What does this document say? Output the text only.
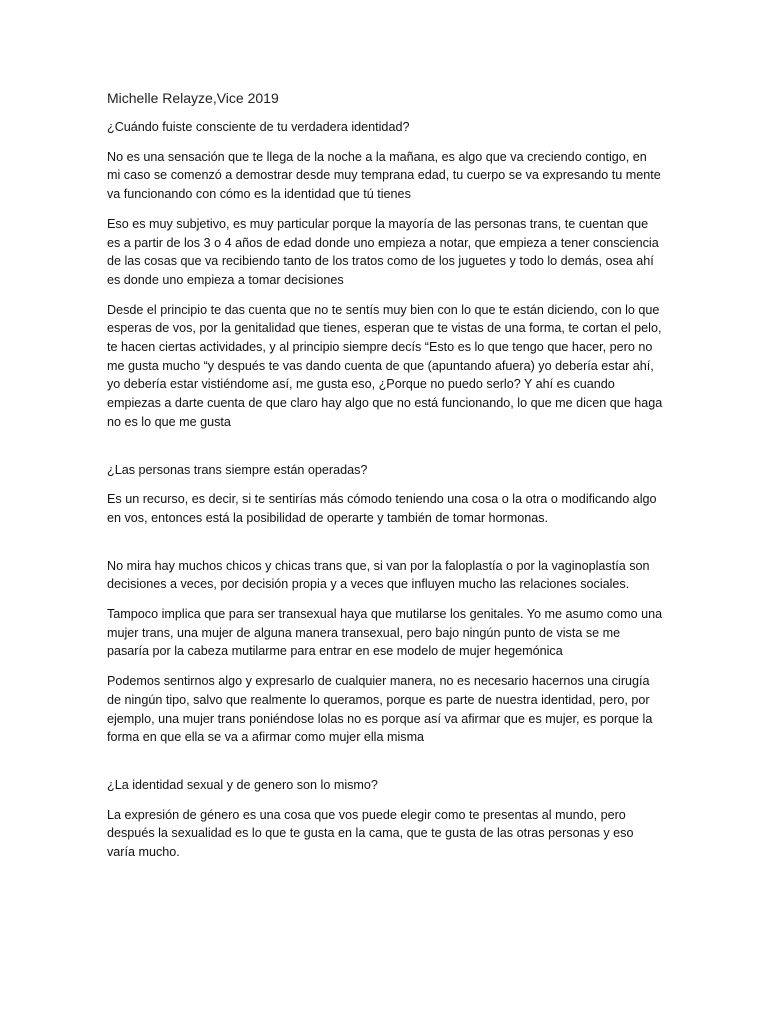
Michelle Relayze,Vice 2019

¿Cuándo fuiste consciente de tu verdadera identidad?

No es una sensación que te llega de la noche a la mañana, es algo que va creciendo contigo, en mi caso se comenzó a demostrar desde muy temprana edad, tu cuerpo se va expresando tu mente va funcionando con cómo es la identidad que tú tienes

Eso es muy subjetivo, es muy particular porque la mayoría de las personas trans, te cuentan que es a partir de los 3 o 4 años de edad donde uno empieza a notar, que empieza a tener consciencia de las cosas que va recibiendo tanto de los tratos como de los juguetes y todo lo demás, osea ahí es donde uno empieza a tomar decisiones

Desde el principio te das cuenta que no te sentís muy bien con lo que te están diciendo, con lo que esperas de vos, por la genitalidad que tienes, esperan que te vistas de una forma, te cortan el pelo, te hacen ciertas actividades, y al principio siempre decís “Esto es lo que tengo que hacer, pero no me gusta mucho “y después te vas dando cuenta de que (apuntando afuera) yo debería estar ahí, yo debería estar vistiéndome así, me gusta eso, ¿Porque no puedo serlo? Y ahí es cuando empiezas a darte cuenta de que claro hay algo que no está funcionando, lo que me dicen que haga no es lo que me gusta

¿Las personas trans siempre están operadas?

Es un recurso, es decir, si te sentirías más cómodo teniendo una cosa o la otra o modificando algo en vos, entonces está la posibilidad de operarte y también de tomar hormonas.

No mira hay muchos chicos y chicas trans que, si van por la faloplastía o por la vaginoplastía son decisiones a veces, por decisión propia y a veces que influyen mucho las relaciones sociales.

Tampoco implica que para ser transexual haya que mutilarse los genitales. Yo me asumo como una mujer trans, una mujer de alguna manera transexual, pero bajo ningún punto de vista se me pasaría por la cabeza mutilarme para entrar en ese modelo de mujer hegemónica

Podemos sentirnos algo y expresarlo de cualquier manera, no es necesario hacernos una cirugía de ningún tipo, salvo que realmente lo queramos, porque es parte de nuestra identidad, pero, por ejemplo, una mujer trans poniéndose lolas no es porque así va afirmar que es mujer, es porque la forma en que ella se va a afirmar como mujer ella misma

¿La identidad sexual y de genero son lo mismo?

La expresión de género es una cosa que vos puede elegir como te presentas al mundo, pero después la sexualidad es lo que te gusta en la cama, que te gusta de las otras personas y eso varía mucho.
